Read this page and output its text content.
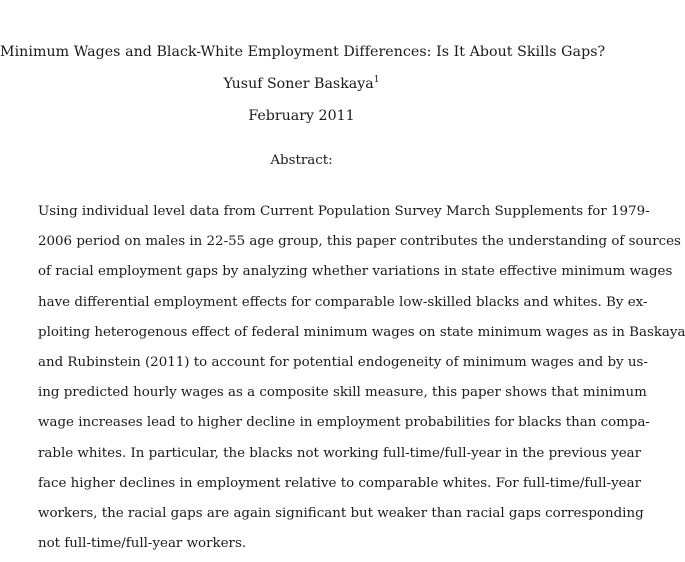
Minimum Wages and Black-White Employment Differences: Is It About Skills Gaps?
Yusuf Soner Baskaya$^1$
February 2011
Abstract:
Using individual level data from Current Population Survey March Supplements for 1979-
2006 period on males in 22-55 age group, this paper contributes the understanding of sources
of racial employment gaps by analyzing whether variations in state effective minimum wages
have differential employment effects for comparable low-skilled blacks and whites. By ex-
ploiting heterogenous effect of federal minimum wages on state minimum wages as in Baskaya
and Rubinstein (2011) to account for potential endogeneity of minimum wages and by us-
ing predicted hourly wages as a composite skill measure, this paper shows that minimum
wage increases lead to higher decline in employment probabilities for blacks than compa-
rable whites. In particular, the blacks not working full-time/full-year in the previous year
face higher declines in employment relative to comparable whites. For full-time/full-year
workers, the racial gaps are again significant but weaker than racial gaps corresponding
not full-time/full-year workers.
